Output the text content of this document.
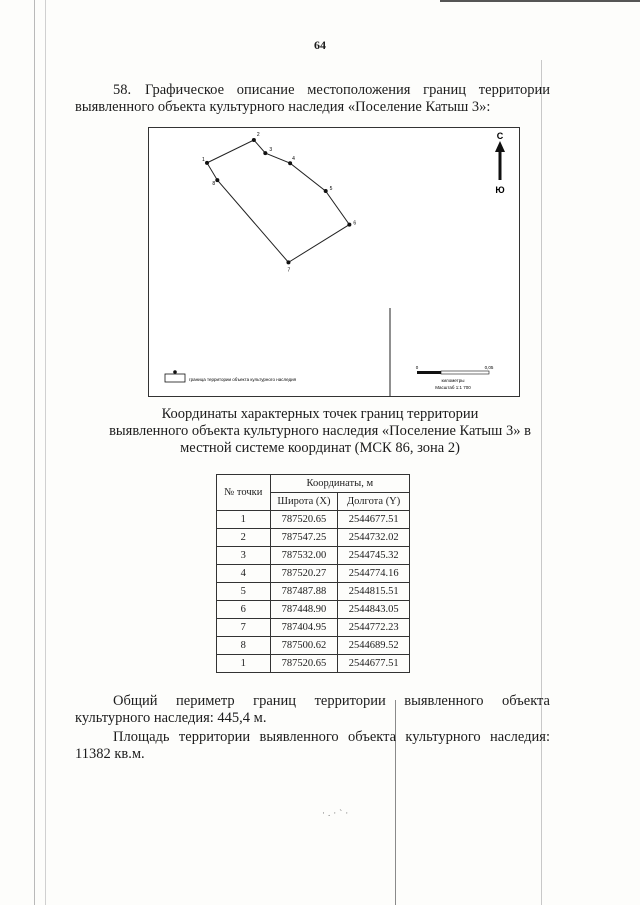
64
58. Графическое описание местоположения границ территории выявленного объекта культурного наследия «Поселение Катыш 3»:
1
2
3
4
5
6
7
8
С
Ю
граница территории объекта культурного наследия
0	0,05
километры
Масштаб 1:1 700
Координаты характерных точек границ территории
выявленного объекта культурного наследия «Поселение Катыш 3» в
местной системе координат (МСК 86, зона 2)
№ точки	Координаты, м	
	Широта (X)	Долгота (Y)
1	787520.65	2544677.51
2	787547.25	2544732.02
3	787532.00	2544745.32
4	787520.27	2544774.16
5	787487.88	2544815.51
6	787448.90	2544843.05
7	787404.95	2544772.23
8	787500.62	2544689.52
1	787520.65	2544677.51
Общий периметр границ территории выявленного объекта культурного наследия: 445,4 м.
Площадь территории выявленного объекта культурного наследия: 11382 кв.м.
·.·`·
